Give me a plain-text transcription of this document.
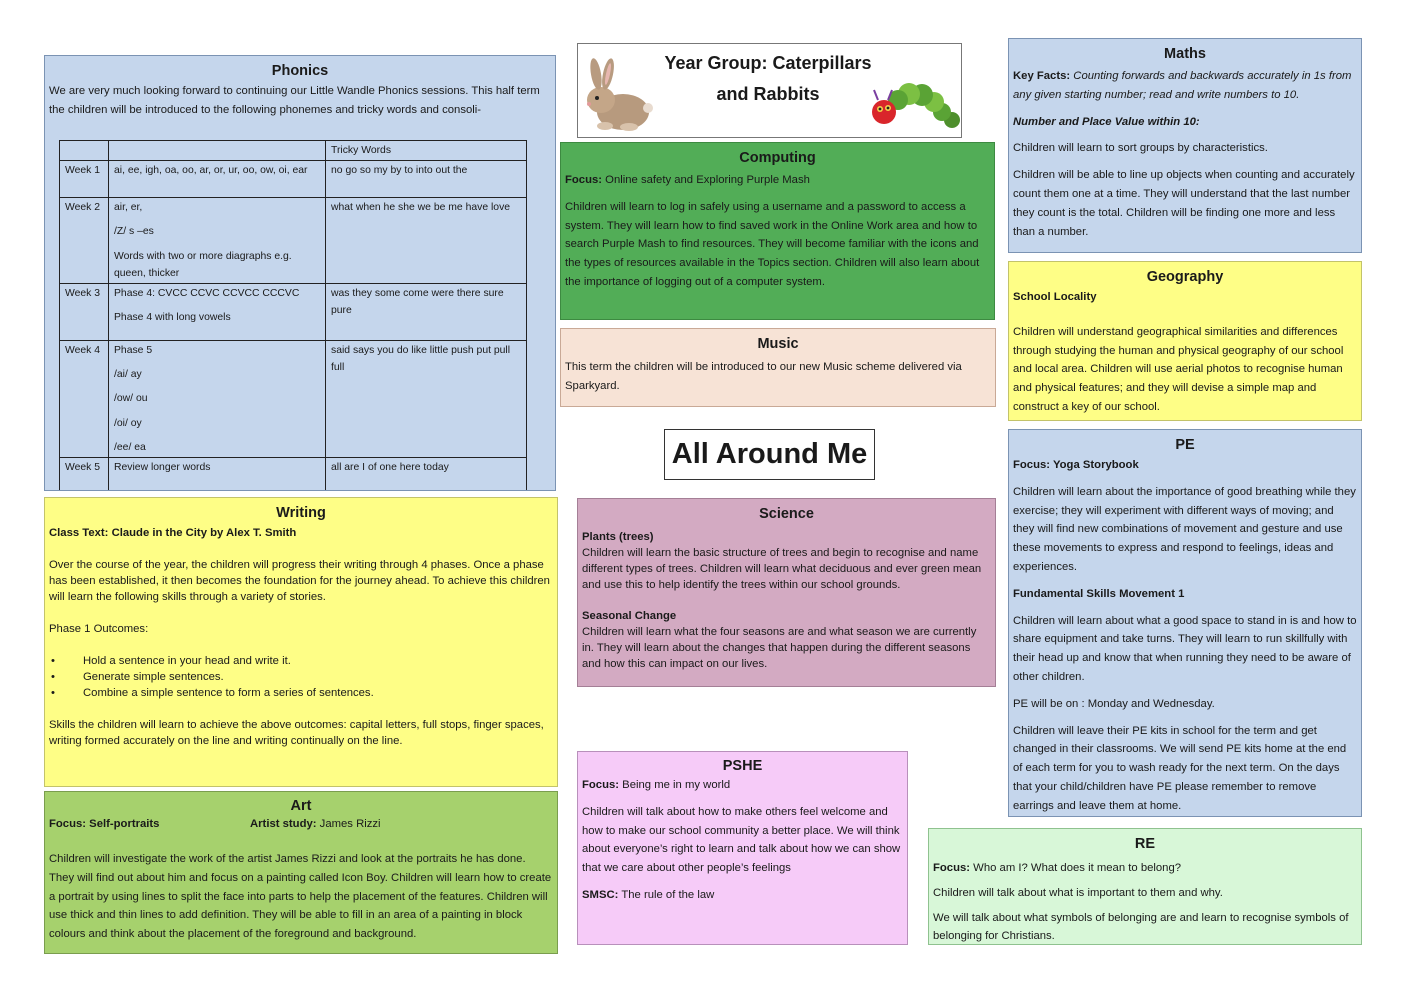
Phonics

We are very much looking forward to continuing our Little Wandle Phonics sessions. This half term the children will be introduced to the following phonemes and tricky words and consoli-

		Tricky Words
Week 1	ai, ee, igh, oa, oo, ar, or, ur, oo, ow, oi, ear	no go so my by to into out the
Week 2	air, er,
/Z/ s –es
Words with two or more diagraphs e.g. queen, thicker	what when he she we be me have love
Week 3	Phase 4: CVCC CCVC CCVCC CCCVC
Phase 4 with long vowels	was they some come were there sure pure
Week 4	Phase 5
/ai/ ay
/ow/ ou
/oi/ oy
/ee/ ea	said says you do like little push put pull full
Week 5	Review longer words	all are I of one here today
Year Group: Caterpillars
and Rabbits
Computing

Focus: Online safety and Exploring Purple Mash

Children will learn to log in safely using a username and a password to access a system. They will learn how to find saved work in the Online Work area and how to search Purple Mash to find resources. They will become familiar with the icons and the types of resources available in the Topics section. Children will also learn about the importance of logging out of a computer system.

Music

This term the children will be introduced to our new Music scheme delivered via Sparkyard.

All Around Me
Maths

Key Facts: Counting forwards and backwards accurately in 1s from any given starting number; read and write numbers to 10.

Number and Place Value within 10:

Children will learn to sort groups by characteristics.

Children will be able to line up objects when counting and accurately count them one at a time. They will understand that the last number they count is the total. Children will be finding one more and less than a number.

Geography

School Locality

Children will understand geographical similarities and differences through studying the human and physical geography of our school and local area. Children will use aerial photos to recognise human and physical features; and they will devise a simple map and construct a key of our school.

PE

Focus: Yoga Storybook

Children will learn about the importance of good breathing while they exercise; they will experiment with different ways of moving; and they will find new combinations of movement and gesture and use these movements to express and respond to feelings, ideas and experiences.

Fundamental Skills Movement 1

Children will learn about what a good space to stand in is and how to share equipment and take turns. They will learn to run skillfully with their head up and know that when running they need to be aware of other children.

PE will be on : Monday and Wednesday.

Children will leave their PE kits in school for the term and get changed in their classrooms. We will send PE kits home at the end of each term for you to wash ready for the next term. On the days that your child/children have PE please remember to remove earrings and leave them at home.

Writing

Class Text: Claude in the City by Alex T. Smith

Over the course of the year, the children will progress their writing through 4 phases. Once a phase has been established, it then becomes the foundation for the journey ahead. To achieve this children will learn the following skills through a variety of stories.

Phase 1 Outcomes:

• Hold a sentence in your head and write it.
• Generate simple sentences.
• Combine a simple sentence to form a series of sentences.

Skills the children will learn to achieve the above outcomes: capital letters, full stops, finger spaces, writing formed accurately on the line and writing continually on the line.

Science

Plants (trees)

Children will learn the basic structure of trees and begin to recognise and name different types of trees. Children will learn what deciduous and ever green mean and use this to help identify the trees within our school grounds.

Seasonal Change

Children will learn what the four seasons are and what season we are currently in. They will learn about the changes that happen during the different seasons and how this can impact on our lives.

Art
Focus: Self-portraits	Artist study: James Rizzi

Children will investigate the work of the artist James Rizzi and look at the portraits he has done. They will find out about him and focus on a painting called Icon Boy. Children will learn how to create a portrait by using lines to split the face into parts to help the placement of the features. Children will use thick and thin lines to add definition. They will be able to fill in an area of a painting in block colours and think about the placement of the foreground and background.

PSHE

Focus: Being me in my world

Children will talk about how to make others feel welcome and how to make our school community a better place. We will think about everyone’s right to learn and talk about how we can show that we care about other people’s feelings

SMSC: The rule of the law

RE

Focus: Who am I? What does it mean to belong?

Children will talk about what is important to them and why.

We will talk about what symbols of belonging are and learn to recognise symbols of belonging for Christians.
